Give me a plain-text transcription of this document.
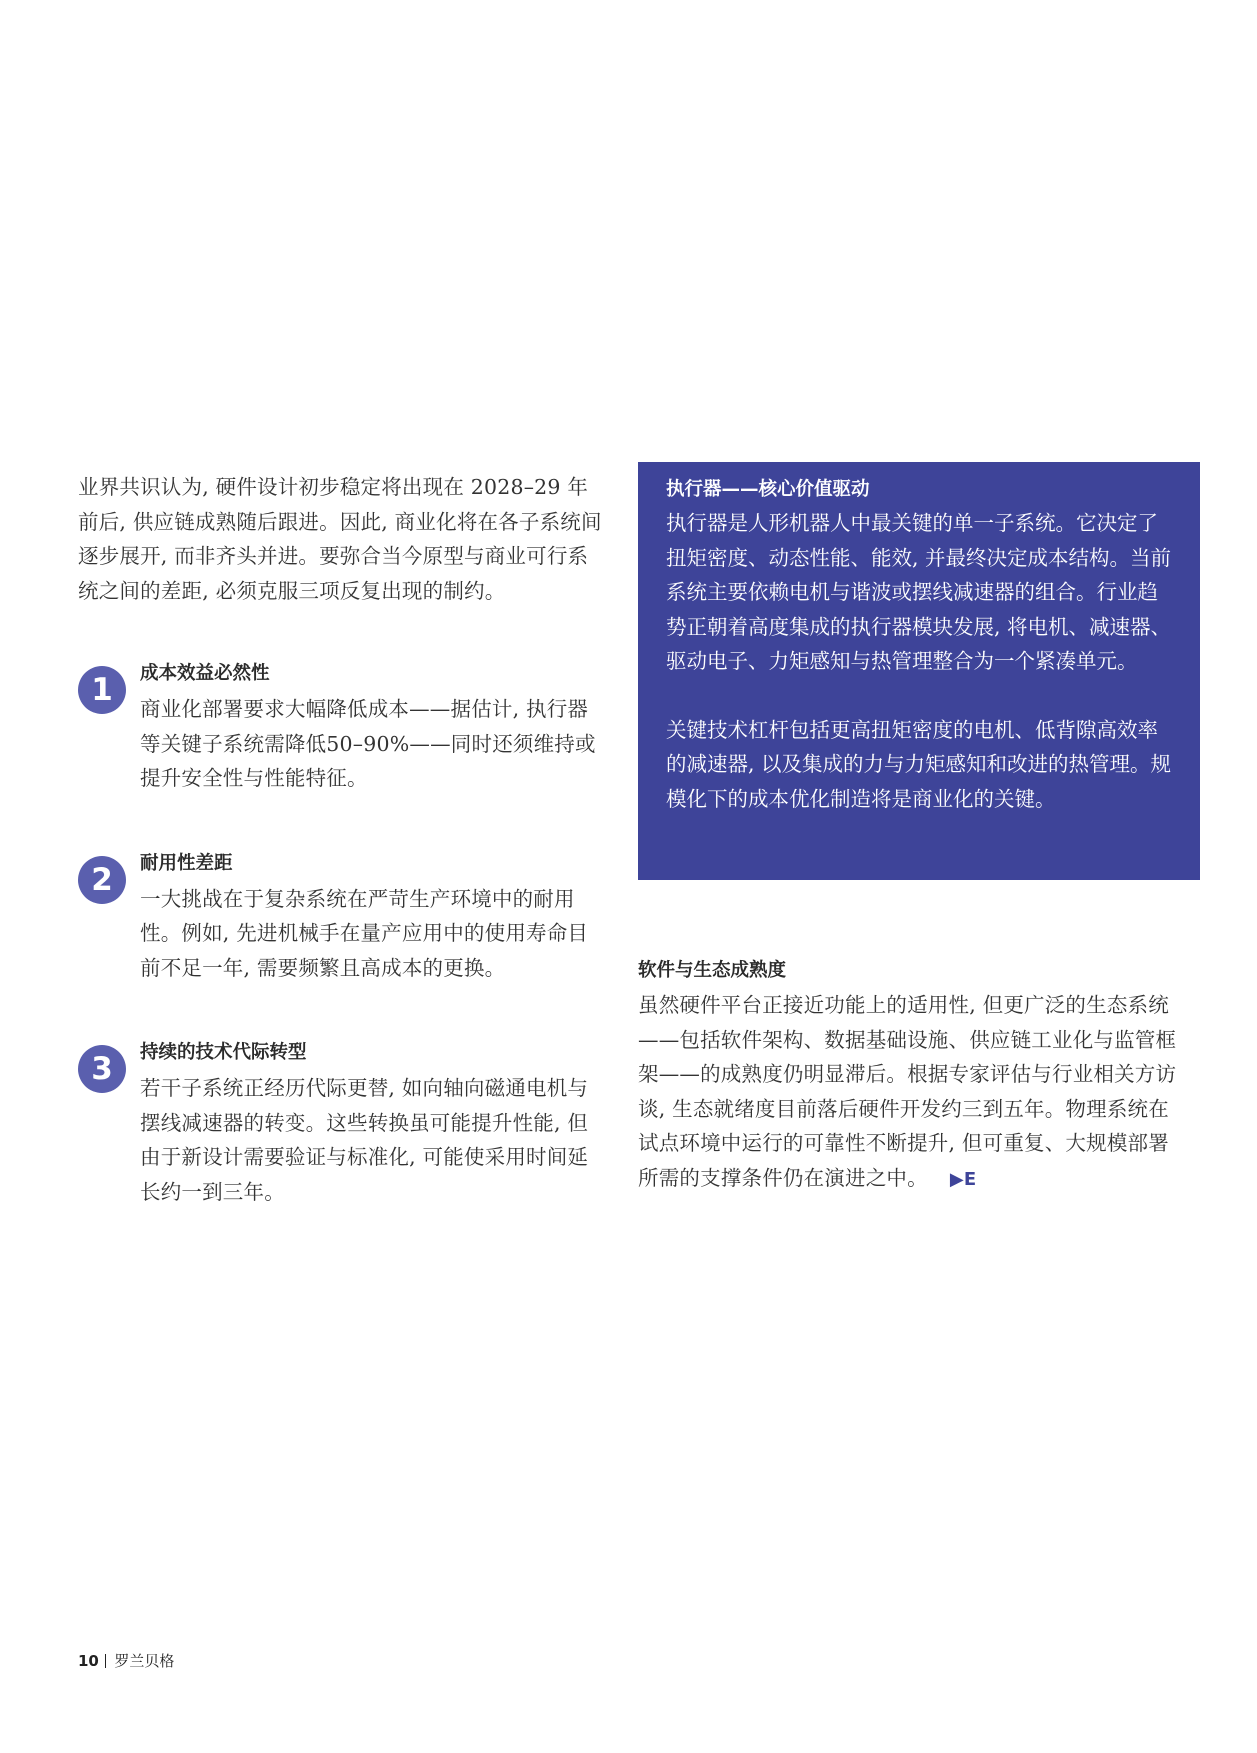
业界共识认为, 硬件设计初步稳定将出现在 2028–29 年前后, 供应链成熟随后跟进。因此, 商业化将在各子系统间逐步展开, 而非齐头并进。要弥合当今原型与商业可行系统之间的差距, 必须克服三项反复出现的制约。

1	成本效益必然性

商业化部署要求大幅降低成本——据估计, 执行器等关键子系统需降低50–90%——同时还须维持或提升安全性与性能特征。

2	耐用性差距

一大挑战在于复杂系统在严苛生产环境中的耐用性。例如, 先进机械手在量产应用中的使用寿命目前不足一年, 需要频繁且高成本的更换。

3	持续的技术代际转型

若干子系统正经历代际更替, 如向轴向磁通电机与摆线减速器的转变。这些转换虽可能提升性能, 但由于新设计需要验证与标准化, 可能使采用时间延长约一到三年。

执行器——核心价值驱动

执行器是人形机器人中最关键的单一子系统。它决定了扭矩密度、动态性能、能效, 并最终决定成本结构。当前系统主要依赖电机与谐波或摆线减速器的组合。行业趋势正朝着高度集成的执行器模块发展, 将电机、减速器、驱动电子、力矩感知与热管理整合为一个紧凑单元。

关键技术杠杆包括更高扭矩密度的电机、低背隙高效率的减速器, 以及集成的力与力矩感知和改进的热管理。规模化下的成本优化制造将是商业化的关键。

软件与生态成熟度

虽然硬件平台正接近功能上的适用性, 但更广泛的生态系统——包括软件架构、数据基础设施、供应链工业化与监管框架——的成熟度仍明显滞后。根据专家评估与行业相关方访谈, 生态就绪度目前落后硬件开发约三到五年。物理系统在试点环境中运行的可靠性不断提升, 但可重复、大规模部署所需的支撑条件仍在演进之中。 ▶E

10 罗兰贝格
